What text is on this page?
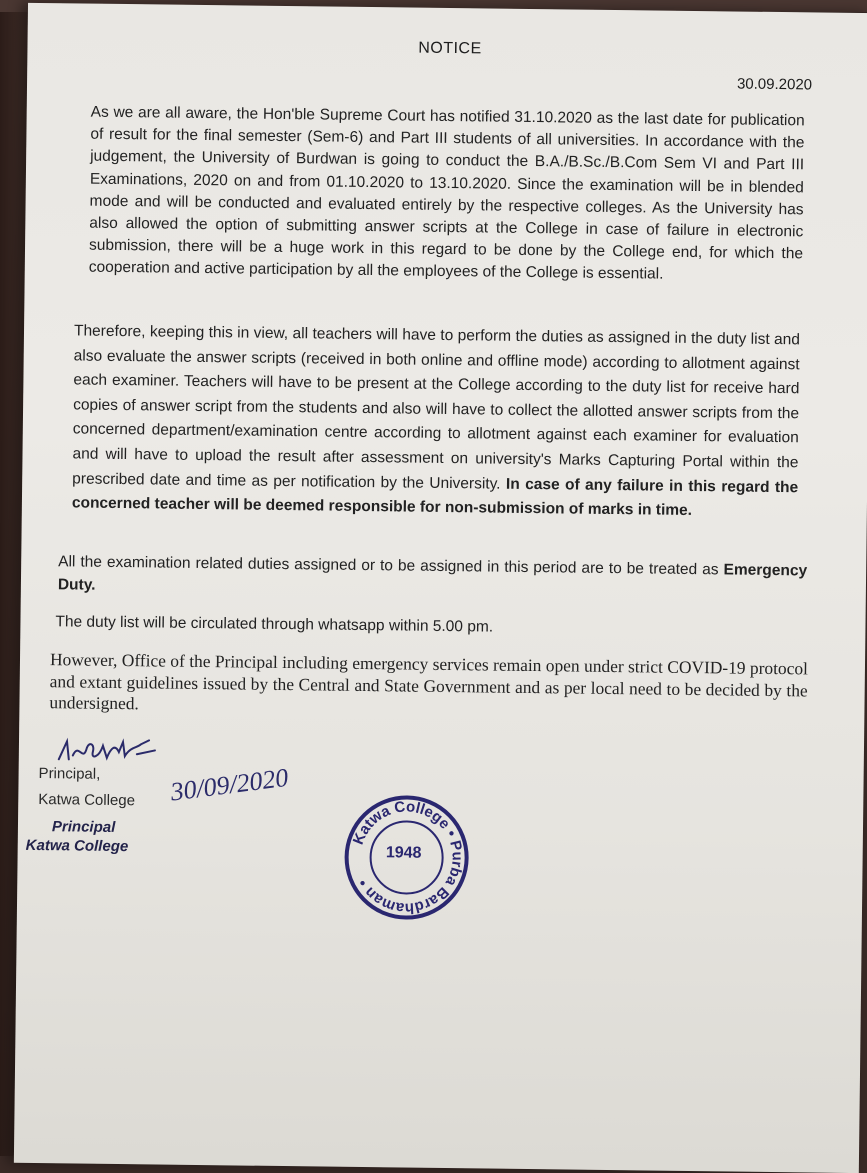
NOTICE
30.09.2020
As we are all aware, the Hon'ble Supreme Court has notified 31.10.2020 as the last date for publication of result for the final semester (Sem-6) and Part III students of all universities. In accordance with the judgement, the University of Burdwan is going to conduct the B.A./B.Sc./B.Com Sem VI and Part III Examinations, 2020 on and from 01.10.2020 to 13.10.2020. Since the examination will be in blended mode and will be conducted and evaluated entirely by the respective colleges. As the University has also allowed the option of submitting answer scripts at the College in case of failure in electronic submission, there will be a huge work in this regard to be done by the College end, for which the cooperation and active participation by all the employees of the College is essential.
Therefore, keeping this in view, all teachers will have to perform the duties as assigned in the duty list and also evaluate the answer scripts (received in both online and offline mode) according to allotment against each examiner. Teachers will have to be present at the College according to the duty list for receive hard copies of answer script from the students and also will have to collect the allotted answer scripts from the concerned department/examination centre according to allotment against each examiner for evaluation and will have to upload the result after assessment on university's Marks Capturing Portal within the prescribed date and time as per notification by the University. In case of any failure in this regard the concerned teacher will be deemed responsible for non-submission of marks in time.
All the examination related duties assigned or to be assigned in this period are to be treated as Emergency Duty.
The duty list will be circulated through whatsapp within 5.00 pm.
However, Office of the Principal including emergency services remain open under strict COVID-19 protocol and extant guidelines issued by the Central and State Government and as per local need to be decided by the undersigned.
30/09/2020
Principal,
Katwa College
Principal
Katwa College	Katwa College • Purba Bardhaman •
1948
